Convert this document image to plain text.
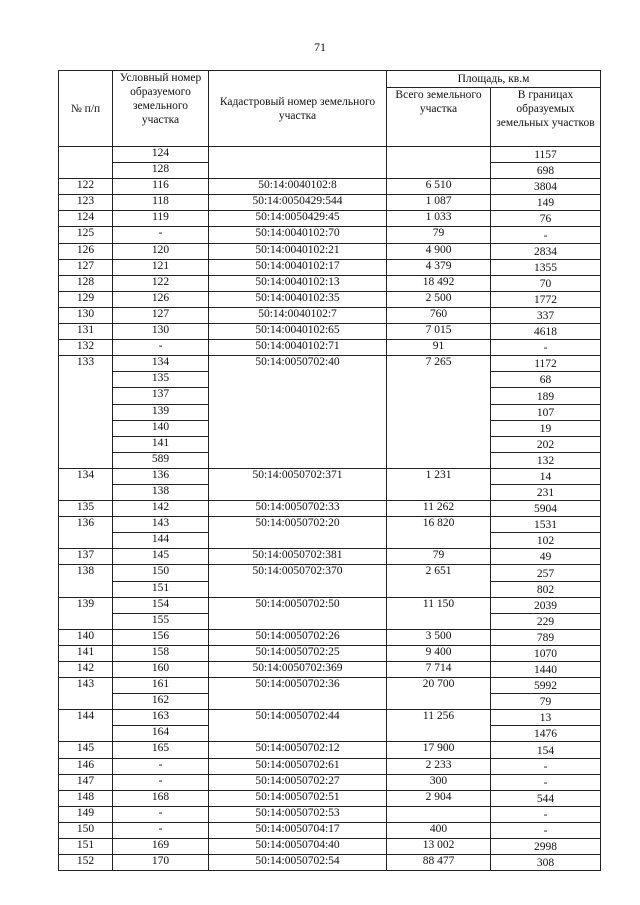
71
№ п/п	Условный номер образуемого земельного участка	Кадастровый номер земельного участка	Площадь, кв.м	
			Всего земельного участка	В границах образуемых земельных участков
	124			1157
	128			698
122	116	50:14:0040102:8	6 510	3804
123	118	50:14:0050429:544	1 087	149
124	119	50:14:0050429:45	1 033	76
125	-	50:14:0040102:70	79	-
126	120	50:14:0040102:21	4 900	2834
127	121	50:14:0040102:17	4 379	1355
128	122	50:14:0040102:13	18 492	70
129	126	50:14:0040102:35	2 500	1772
130	127	50:14:0040102:7	760	337
131	130	50:14:0040102:65	7 015	4618
132	-	50:14:0040102:71	91	-
133	134	50:14:0050702:40	7 265	1172
	135			68
	137			189
	139			107
	140			19
	141			202
	589			132
134	136	50:14:0050702:371	1 231	14
	138			231
135	142	50:14:0050702:33	11 262	5904
136	143	50:14:0050702:20	16 820	1531
	144			102
137	145	50:14:0050702:381	79	49
138	150	50:14:0050702:370	2 651	257
	151			802
139	154	50:14:0050702:50	11 150	2039
	155			229
140	156	50:14:0050702:26	3 500	789
141	158	50:14:0050702:25	9 400	1070
142	160	50:14:0050702:369	7 714	1440
143	161	50:14:0050702:36	20 700	5992
	162			79
144	163	50:14:0050702:44	11 256	13
	164			1476
145	165	50:14:0050702:12	17 900	154
146	-	50:14:0050702:61	2 233	-
147	-	50:14:0050702:27	300	-
148	168	50:14:0050702:51	2 904	544
149	-	50:14:0050702:53		-
150	-	50:14:0050704:17	400	-
151	169	50:14:0050704:40	13 002	2998
152	170	50:14:0050702:54	88 477	308
